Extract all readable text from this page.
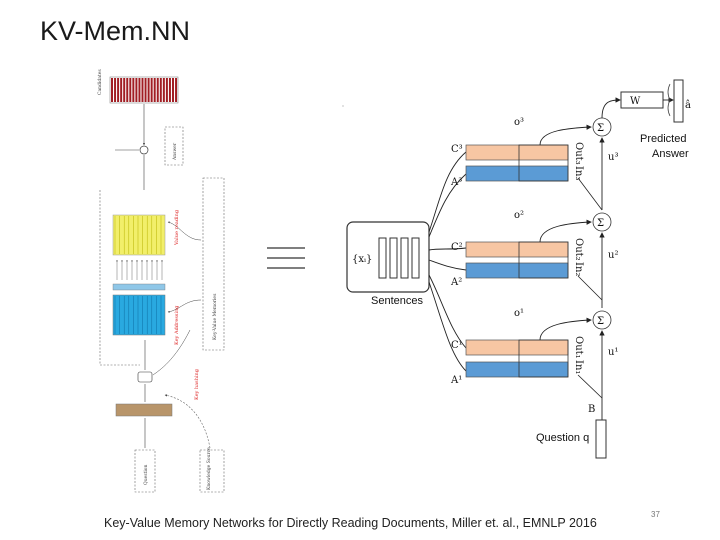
KV-Mem.NN
Candidates
Answer
Question	Knowledge Source
Key-Value Memories
Value reading
Key Addressing
Key hashing
{xᵢ}
Sentences
C³
A³
o³
u³
Out₃
In₃
Σ
C²
A²
o²
u²
Out₂
In₂
Σ
C¹
A¹
o¹
u¹
Out₁
In₁
Σ
B
Question q
W	â
Predicted
Answer
Key-Value Memory Networks for Directly Reading Documents, Miller et. al., EMNLP 2016
37
